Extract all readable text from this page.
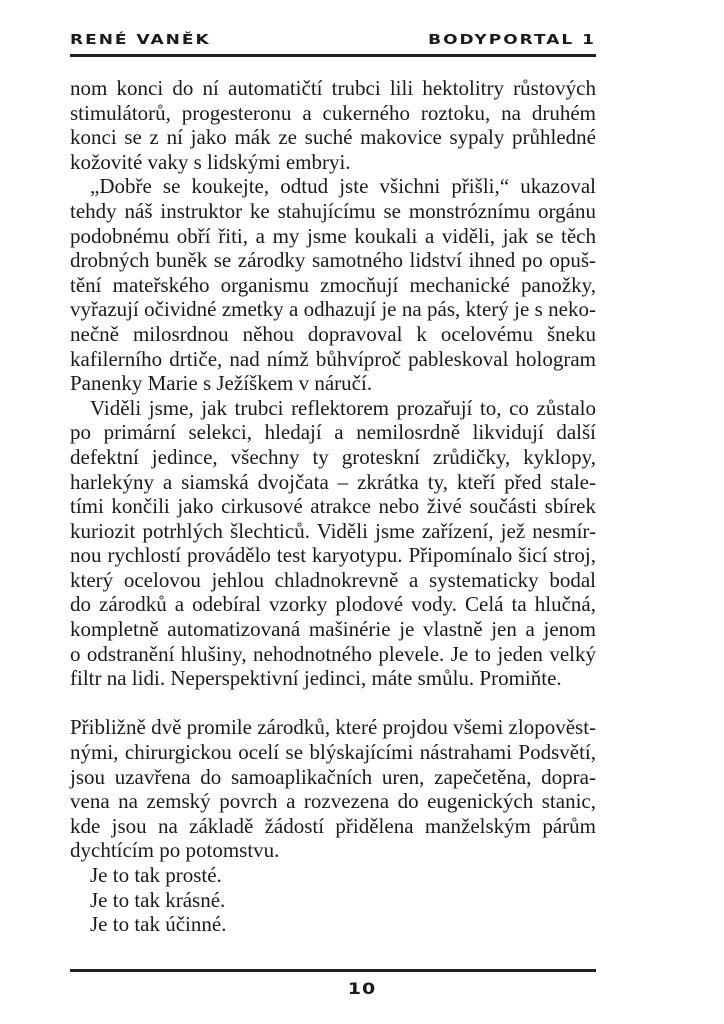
RENÉ VANĚK	BODYPORTAL 1

nom konci do ní automatičtí trubci lili hektolitry růstových
stimulátorů, progesteronu a cukerného roztoku, na druhém
konci se z ní jako mák ze suché makovice sypaly průhledné
kožovité vaky s lidskými embryi.

„Dobře se koukejte, odtud jste všichni přišli,“ ukazoval
tehdy náš instruktor ke stahujícímu se monstróznímu orgánu
podobnému obří řiti, a my jsme koukali a viděli, jak se těch
drobných buněk se zárodky samotného lidství ihned po opuš-
tění mateřského organismu zmocňují mechanické panožky,
vyřazují očividné zmetky a odhazují je na pás, který je s neko-
nečně milosrdnou něhou dopravoval k ocelovému šneku
kafilerního drtiče, nad nímž bůhvíproč pableskoval hologram
Panenky Marie s Ježíškem v náručí.

Viděli jsme, jak trubci reflektorem prozařují to, co zůstalo
po primární selekci, hledají a nemilosrdně likvidují další
defektní jedince, všechny ty groteskní zrůdičky, kyklopy,
harlekýny a siamská dvojčata – zkrátka ty, kteří před stale-
tími končili jako cirkusové atrakce nebo živé součásti sbírek
kuriozit potrhlých šlechticů. Viděli jsme zařízení, jež nesmír-
nou rychlostí provádělo test karyotypu. Připomínalo šicí stroj,
který ocelovou jehlou chladnokrevně a systematicky bodal
do zárodků a odebíral vzorky plodové vody. Celá ta hlučná,
kompletně automatizovaná mašinérie je vlastně jen a jenom
o odstranění hlušiny, nehodnotného plevele. Je to jeden velký
filtr na lidi. Neperspektivní jedinci, máte smůlu. Promiňte.

Přibližně dvě promile zárodků, které projdou všemi zlopověst-
nými, chirurgickou ocelí se blýskajícími nástrahami Podsvětí,
jsou uzavřena do samoaplikačních uren, zapečetěna, dopra-
vena na zemský povrch a rozvezena do eugenických stanic,
kde jsou na základě žádostí přidělena manželským párům
dychtícím po potomstvu.

Je to tak prosté.

Je to tak krásné.

Je to tak účinné.

10
